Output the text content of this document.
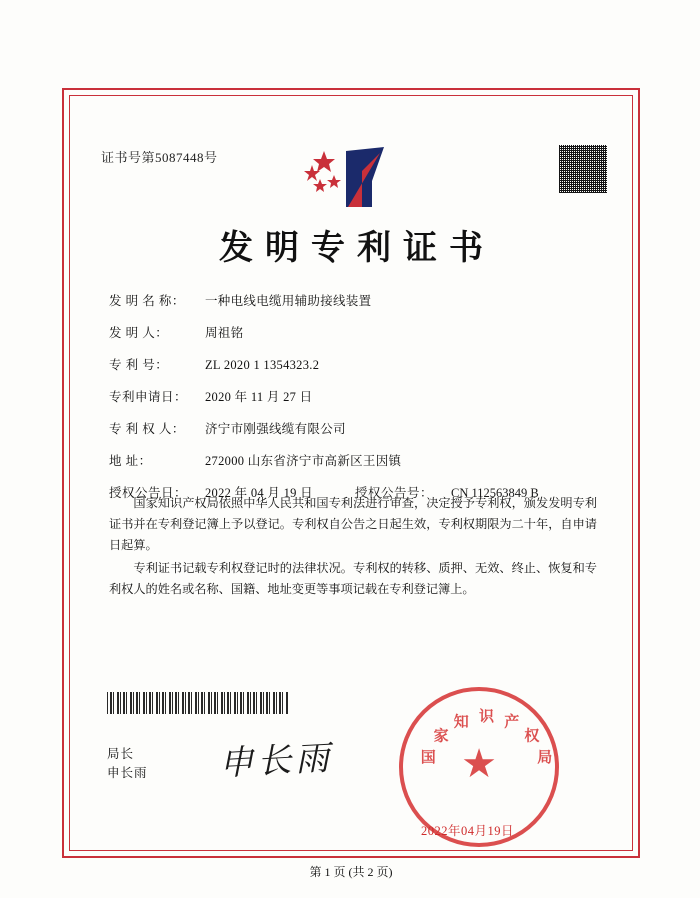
证书号第5087448号
发明专利证书
发 明 名 称：	一种电线电缆用辅助接线装置
发 明 人：	周祖铭
专 利 号：	ZL 2020 1 1354323.2
专利申请日：	2020 年 11 月 27 日
专 利 权 人：	济宁市刚强线缆有限公司
地 址：	272000 山东省济宁市高新区王因镇
授权公告日：	2022 年 04 月 19 日	授权公告号：	CN 112563849 B

国家知识产权局依照中华人民共和国专利法进行审查，决定授予专利权，颁发发明专利证书并在专利登记簿上予以登记。专利权自公告之日起生效，专利权期限为二十年，自申请日起算。

专利证书记载专利权登记时的法律状况。专利权的转移、质押、无效、终止、恢复和专利权人的姓名或名称、国籍、地址变更等事项记载在专利登记簿上。

局长
申长雨 申长雨	★
国
家
知 识 产
权
局
2022年04月19日
第 1 页 (共 2 页)
